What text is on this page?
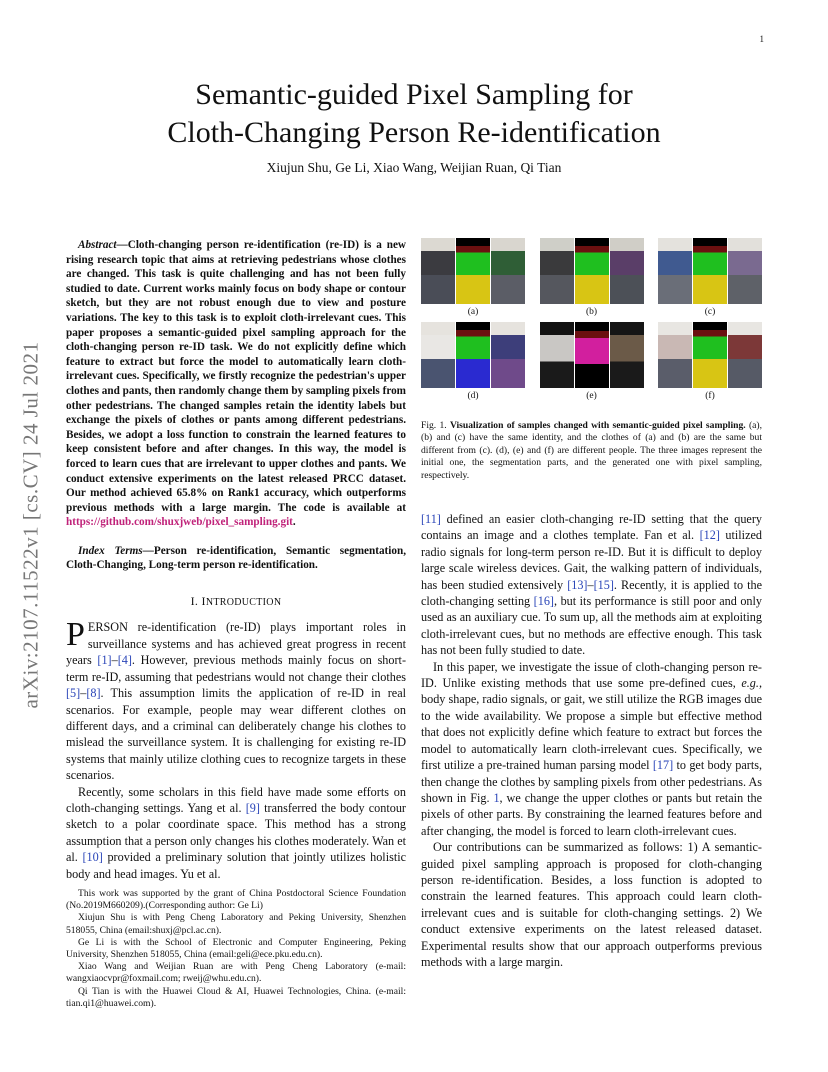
1
Semantic-guided Pixel Sampling for
Cloth-Changing Person Re-identification
Xiujun Shu, Ge Li, Xiao Wang, Weijian Ruan, Qi Tian
arXiv:2107.11522v1 [cs.CV] 24 Jul 2021

Abstract—Cloth-changing person re-identification (re-ID) is a new rising research topic that aims at retrieving pedestrians whose clothes are changed. This task is quite challenging and has not been fully studied to date. Current works mainly focus on body shape or contour sketch, but they are not robust enough due to view and posture variations. The key to this task is to exploit cloth-irrelevant cues. This paper proposes a semantic-guided pixel sampling approach for the cloth-changing person re-ID task. We do not explicitly define which feature to extract but force the model to automatically learn cloth-irrelevant cues. Specifically, we firstly recognize the pedestrian's upper clothes and pants, then randomly change them by sampling pixels from other pedestrians. The changed samples retain the identity labels but exchange the pixels of clothes or pants among different pedestrians. Besides, we adopt a loss function to constrain the learned features to keep consistent before and after changes. In this way, the model is forced to learn cues that are irrelevant to upper clothes and pants. We conduct extensive experiments on the latest released PRCC dataset. Our method achieved 65.8% on Rank1 accuracy, which outperforms previous methods with a large margin. The code is available at https://github.com/shuxjweb/pixel_sampling.git.

Index Terms—Person re-identification, Semantic segmentation, Cloth-Changing, Long-term person re-identification.

I. INTRODUCTION

PERSON re-identification (re-ID) plays important roles in surveillance systems and has achieved great progress in recent years [1]–[4]. However, previous methods mainly focus on short-term re-ID, assuming that pedestrians would not change their clothes [5]–[8]. This assumption limits the application of re-ID in real scenarios. For example, people may wear different clothes on different days, and a criminal can deliberately change his clothes to mislead the surveillance system. It is challenging for existing re-ID systems that mainly utilize clothing cues to recognize targets in these scenarios.

Recently, some scholars in this field have made some efforts on cloth-changing settings. Yang et al. [9] transferred the body contour sketch to a polar coordinate space. This method has a strong assumption that a person only changes his clothes moderately. Wan et al. [10] provided a preliminary solution that jointly utilizes holistic body and head images. Yu et al.

This work was supported by the grant of China Postdoctoral Science Foundation (No.2019M660209).(Corresponding author: Ge Li)

Xiujun Shu is with Peng Cheng Laboratory and Peking University, Shenzhen 518055, China (email:shuxj@pcl.ac.cn).

Ge Li is with the School of Electronic and Computer Engineering, Peking University, Shenzhen 518055, China (email:geli@ece.pku.edu.cn).

Xiao Wang and Weijian Ruan are with Peng Cheng Laboratory (e-mail: wangxiaocvpr@foxmail.com; rweij@whu.edu.cn).

Qi Tian is with the Huawei Cloud & AI, Huawei Technologies, China. (e-mail: tian.qi1@huawei.com).

(a)	(b)	(c)
(d)	(e)	(f)
Fig. 1. Visualization of samples changed with semantic-guided pixel sampling. (a), (b) and (c) have the same identity, and the clothes of (a) and (b) are the same but different from (c). (d), (e) and (f) are different people. The three images represent the initial one, the segmentation parts, and the generated one with pixel sampling, respectively.

[11] defined an easier cloth-changing re-ID setting that the query contains an image and a clothes template. Fan et al. [12] utilized radio signals for long-term person re-ID. But it is difficult to deploy large scale wireless devices. Gait, the walking pattern of individuals, has been studied extensively [13]–[15]. Recently, it is applied to the cloth-changing setting [16], but its performance is still poor and only used as an auxiliary cue. To sum up, all the methods aim at exploiting cloth-irrelevant cues, but no methods are effective enough. This task has not been fully studied to date.

In this paper, we investigate the issue of cloth-changing person re-ID. Unlike existing methods that use some pre-defined cues, e.g., body shape, radio signals, or gait, we still utilize the RGB images due to the wide availability. We propose a simple but effective method that does not explicitly define which feature to extract but forces the model to automatically learn cloth-irrelevant cues. Specifically, we first utilize a pre-trained human parsing model [17] to get body parts, then change the clothes by sampling pixels from other pedestrians. As shown in Fig. 1, we change the upper clothes or pants but retain the pixels of other parts. By constraining the learned features before and after changing, the model is forced to learn cloth-irrelevant cues.

Our contributions can be summarized as follows: 1) A semantic-guided pixel sampling approach is proposed for cloth-changing person re-identification. Besides, a loss function is adopted to constrain the learned features. This approach could learn cloth-irrelevant cues and is suitable for cloth-changing settings. 2) We conduct extensive experiments on the latest released dataset. Experimental results show that our approach outperforms previous methods with a large margin.
